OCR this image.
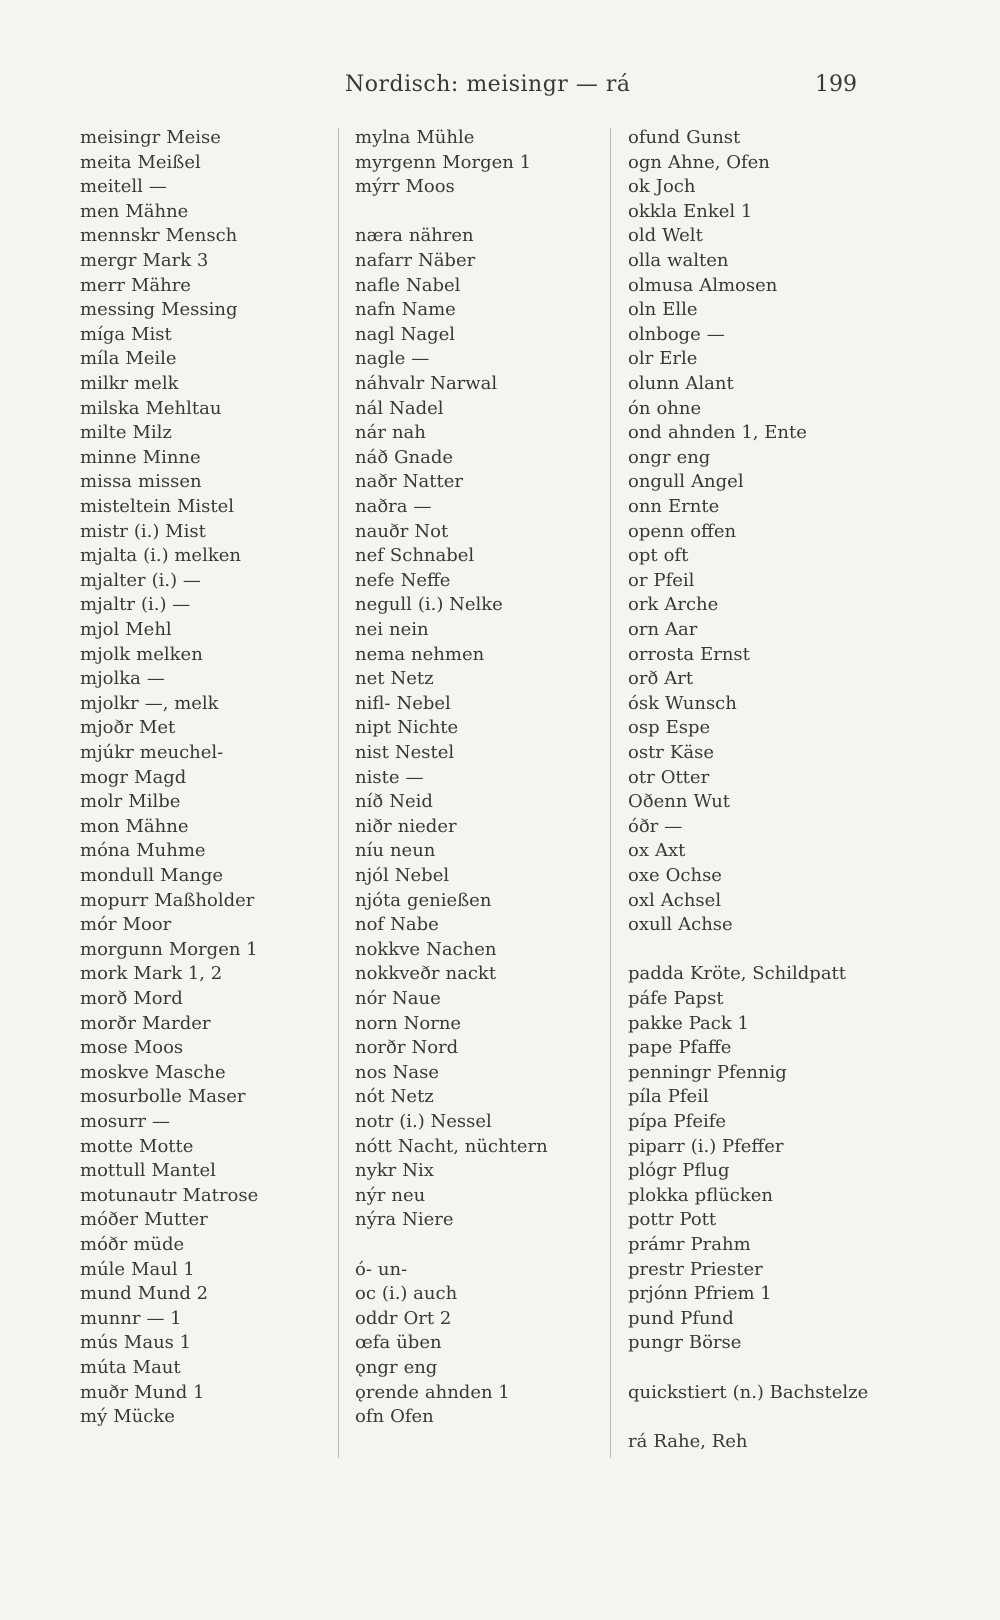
Nordisch: meisingr — rá	199
meisingr Meise
meita Meißel
meitell —
men Mähne
mennskr Mensch
mergr Mark 3
merr Mähre
messing Messing
míga Mist
míla Meile
milkr melk
milska Mehltau
milte Milz
minne Minne
missa missen
misteltein Mistel
mistr (i.) Mist
mjalta (i.) melken
mjalter (i.) —
mjaltr (i.) —
mjol Mehl
mjolk melken
mjolka —
mjolkr —, melk
mjoðr Met
mjúkr meuchel-
mogr Magd
molr Milbe
mon Mähne
móna Muhme
mondull Mange
mopurr Maßholder
mór Moor
morgunn Morgen 1
mork Mark 1, 2
morð Mord
morðr Marder
mose Moos
moskve Masche
mosurbolle Maser
mosurr —
motte Motte
mottull Mantel
motunautr Matrose
móðer Mutter
móðr müde
múle Maul 1
mund Mund 2
munnr — 1
mús Maus 1
múta Maut
muðr Mund 1
mý Mücke
mylna Mühle
myrgenn Morgen 1
mýrr Moos
næra nähren
nafarr Näber
nafle Nabel
nafn Name
nagl Nagel
nagle —
náhvalr Narwal
nál Nadel
nár nah
náð Gnade
naðr Natter
naðra —
nauðr Not
nef Schnabel
nefe Neffe
negull (i.) Nelke
nei nein
nema nehmen
net Netz
nifl- Nebel
nipt Nichte
nist Nestel
niste —
níð Neid
niðr nieder
níu neun
njól Nebel
njóta genießen
nof Nabe
nokkve Nachen
nokkveðr nackt
nór Naue
norn Norne
norðr Nord
nos Nase
nót Netz
notr (i.) Nessel
nótt Nacht, nüchtern
nykr Nix
nýr neu
nýra Niere
ó- un-
oc (i.) auch
oddr Ort 2
œfa üben
ǫngr eng
ǫrende ahnden 1
ofn Ofen
ofund Gunst
ogn Ahne, Ofen
ok Joch
okkla Enkel 1
old Welt
olla walten
olmusa Almosen
oln Elle
olnboge —
olr Erle
olunn Alant
ón ohne
ond ahnden 1, Ente
ongr eng
ongull Angel
onn Ernte
openn offen
opt oft
or Pfeil
ork Arche
orn Aar
orrosta Ernst
orð Art
ósk Wunsch
osp Espe
ostr Käse
otr Otter
Oðenn Wut
óðr —
ox Axt
oxe Ochse
oxl Achsel
oxull Achse
padda Kröte, Schildpatt
páfe Papst
pakke Pack 1
pape Pfaffe
penningr Pfennig
píla Pfeil
pípa Pfeife
piparr (i.) Pfeffer
plógr Pflug
plokka pflücken
pottr Pott
prámr Prahm
prestr Priester
prjónn Pfriem 1
pund Pfund
pungr Börse
quickstiert (n.) Bachstelze
rá Rahe, Reh
